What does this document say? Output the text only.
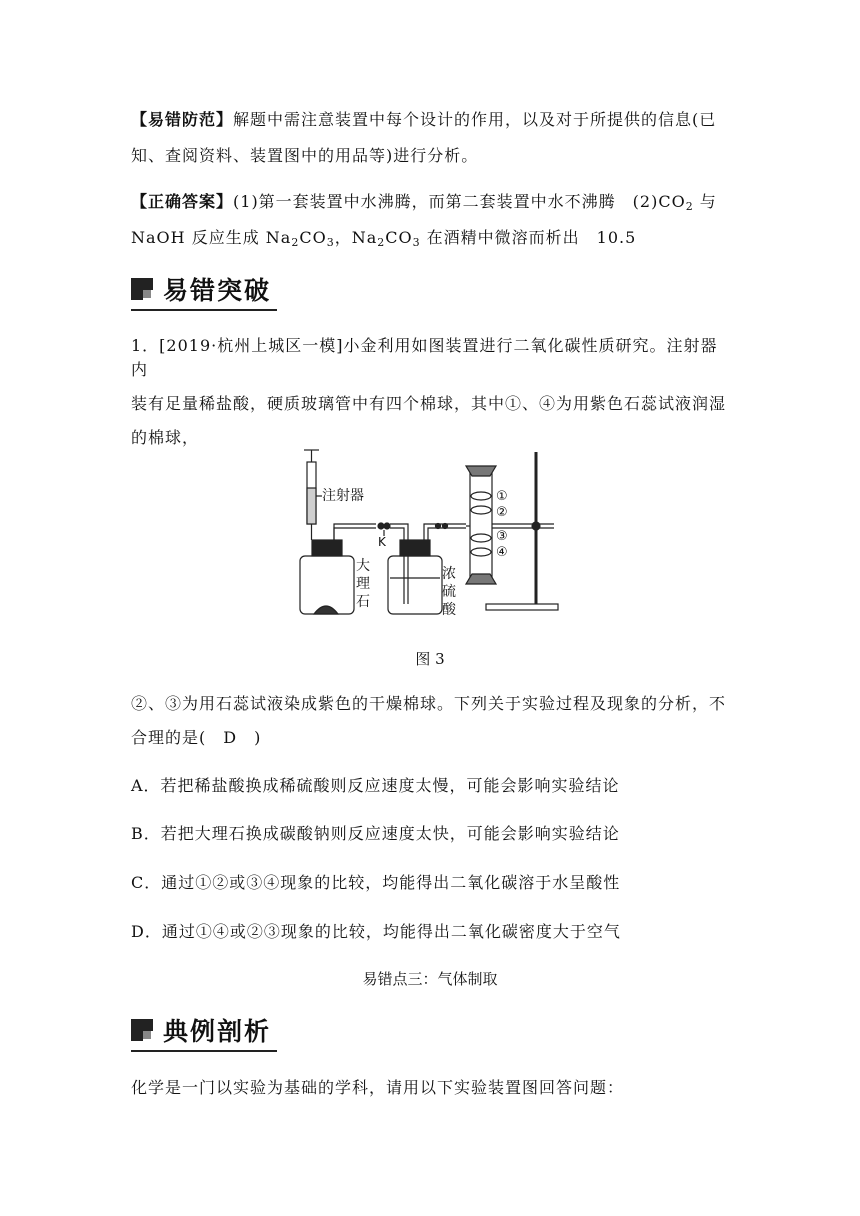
【易错防范】解题中需注意装置中每个设计的作用，以及对于所提供的信息(已
知、查阅资料、装置图中的用品等)进行分析。
【正确答案】(1)第一套装置中水沸腾，而第二套装置中水不沸腾　$(2)CO_2$ 与
NaOH 反应生成 $Na_2CO_3$，$Na_2CO_3$ 在酒精中微溶而析出　10.5
易错突破
1．[2019·杭州上城区一模]小金利用如图装置进行二氧化碳性质研究。注射器内
装有足量稀盐酸，硬质玻璃管中有四个棉球，其中①、④为用紫色石蕊试液润湿
的棉球，
注射器
K
大
理
石
浓
硫
酸
①
②
③
④
图 3
②、③为用石蕊试液染成紫色的干燥棉球。下列关于实验过程及现象的分析，不
合理的是(　D　)
A．若把稀盐酸换成稀硫酸则反应速度太慢，可能会影响实验结论
B．若把大理石换成碳酸钠则反应速度太快，可能会影响实验结论
C．通过①②或③④现象的比较，均能得出二氧化碳溶于水呈酸性
D．通过①④或②③现象的比较，均能得出二氧化碳密度大于空气
易错点三：气体制取
典例剖析
化学是一门以实验为基础的学科，请用以下实验装置图回答问题：
